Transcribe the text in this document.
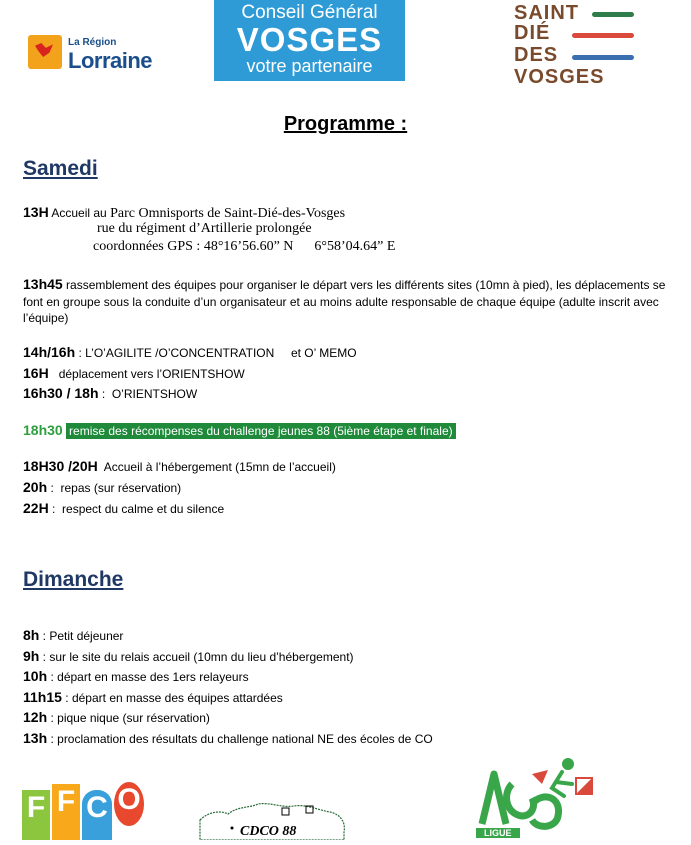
La Région
Lorraine
Conseil Général
VOSGES
votre partenaire
SAINT
DIÉ
DES
VOSGES
Programme :
Samedi
13H Accueil au Parc Omnisports de Saint-Dié-des-Vosges
rue du régiment d’Artillerie prolongée
coordonnées GPS : 48°16’56.60” N      6°58’04.64” E
13h45 rassemblement des équipes pour organiser le départ vers les différents sites (10mn à pied), les déplacements se font en groupe sous la conduite d’un organisateur et au moins adulte responsable de chaque équipe (adulte inscrit avec l’équipe)
14h/16h : L’O’AGILITE /O’CONCENTRATION     et O’ MEMO
16H déplacement vers l’ORIENTSHOW
16h30 / 18h :  O’RIENTSHOW
18h30 remise des récompenses du challenge jeunes 88 (5ième étape et finale)
18H30 /20H Accueil à l’hébergement (15mn de l’accueil)
20h :  repas (sur réservation)
22H :  respect du calme et du silence
Dimanche
8h : Petit déjeuner
9h : sur le site du relais accueil (10mn du lieu d’hébergement)
10h : départ en masse des 1ers relayeurs
11h15 : départ en masse des équipes attardées
12h : pique nique (sur réservation)
13h : proclamation des résultats du challenge national NE des écoles de CO
F F C O
CDCO 88	LIGUE
